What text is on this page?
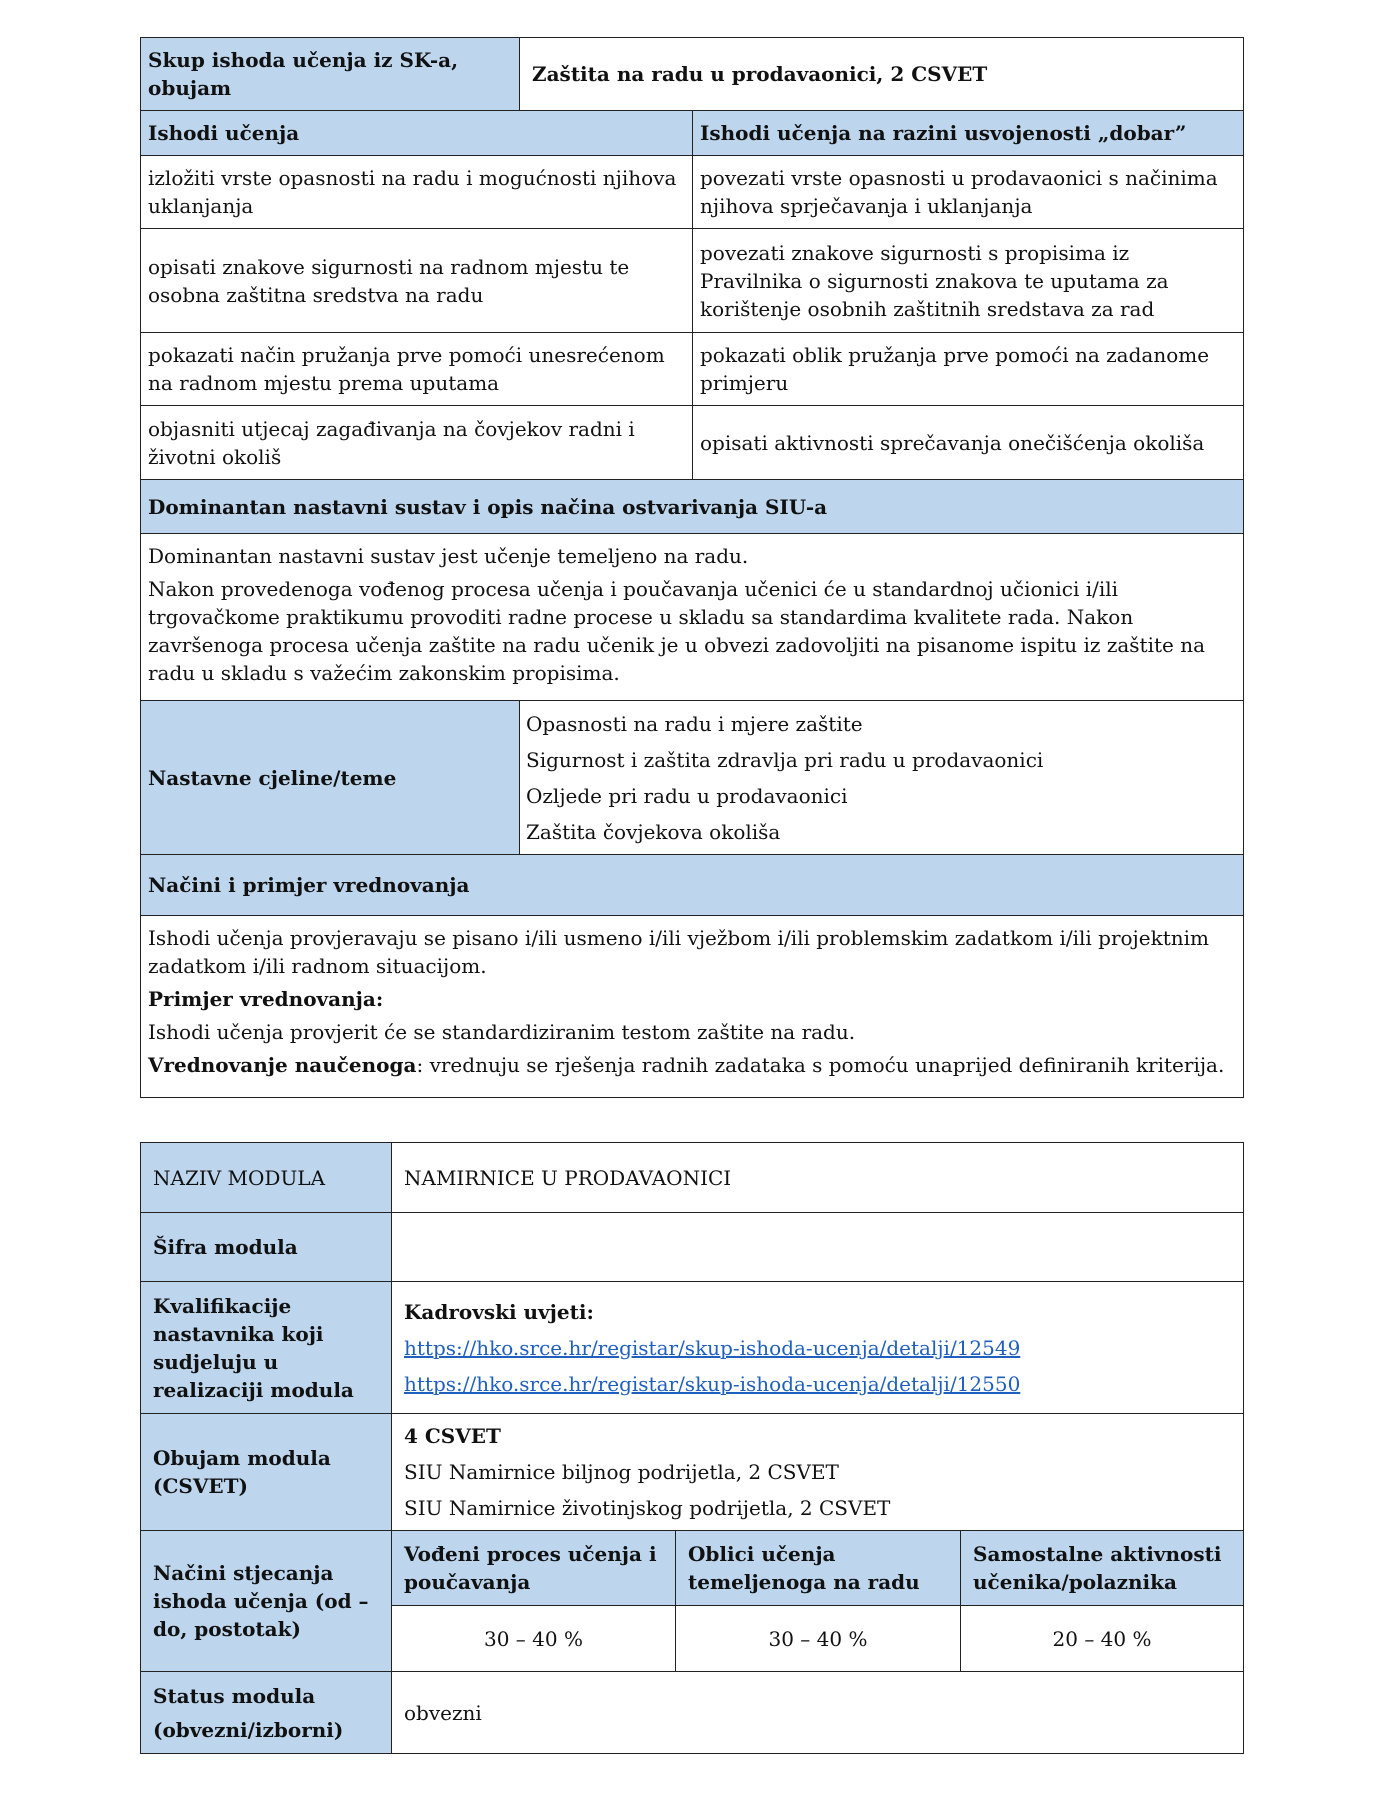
Skup ishoda učenja iz SK-a, obujam	Zaštita na radu u prodavaonici, 2 CSVET	
Ishodi učenja		Ishodi učenja na razini usvojenosti „dobar”
izložiti vrste opasnosti na radu i mogućnosti njihova uklanjanja		povezati vrste opasnosti u prodavaonici s načinima njihova sprječavanja i uklanjanja
opisati znakove sigurnosti na radnom mjestu te osobna zaštitna sredstva na radu		povezati znakove sigurnosti s propisima iz Pravilnika o sigurnosti znakova te uputama za korištenje osobnih zaštitnih sredstava za rad
pokazati način pružanja prve pomoći unesrećenom na radnom mjestu prema uputama		pokazati oblik pružanja prve pomoći na zadanome primjeru
objasniti utjecaj zagađivanja na čovjekov radni i životni okoliš		opisati aktivnosti sprečavanja onečišćenja okoliša
Dominantan nastavni sustav i opis načina ostvarivanja SIU-a		

Dominantan nastavni sustav jest učenje temeljeno na radu.

Nakon provedenoga vođenog procesa učenja i poučavanja učenici će u standardnoj učionici i/ili trgovačkome praktikumu provoditi radne procese u skladu sa standardima kvalitete rada. Nakon završenoga procesa učenja zaštite na radu učenik je u obvezi zadovoljiti na pisanome ispitu iz zaštite na radu u skladu s važećim zakonskim propisima.		

Nastavne cjeline/teme	Opasnosti na radu i mjere zaštite

Sigurnost i zaštita zdravlja pri radu u prodavaonici

Ozljede pri radu u prodavaonici

Zaštita čovjekova okoliša	

Načini i primjer vrednovanja		

Ishodi učenja provjeravaju se pisano i/ili usmeno i/ili vježbom i/ili problemskim zadatkom i/ili projektnim zadatkom i/ili radnom situacijom.

Primjer vrednovanja:

Ishodi učenja provjerit će se standardiziranim testom zaštite na radu.

Vrednovanje naučenoga: vrednuju se rješenja radnih zadataka s pomoću unaprijed definiranih kriterija.		

NAZIV MODULA	NAMIRNICE U PRODAVAONICI		
Šifra modula			
Kvalifikacije nastavnika koji sudjeluju u realizaciji modula	Kadrovski uvjeti:

https://hko.srce.hr/registar/skup-ishoda-ucenja/detalji/12549

https://hko.srce.hr/registar/skup-ishoda-ucenja/detalji/12550		

Obujam modula (CSVET)	4 CSVET

SIU Namirnice biljnog podrijetla, 2 CSVET

SIU Namirnice životinjskog podrijetla, 2 CSVET		

Načini stjecanja ishoda učenja (od – do, postotak)	Vođeni proces učenja i poučavanja	Oblici učenja temeljenoga na radu	Samostalne aktivnosti učenika/polaznika
	30 – 40 %	30 – 40 %	20 – 40 %
Status modula (obvezni/izborni)	obvezni		
